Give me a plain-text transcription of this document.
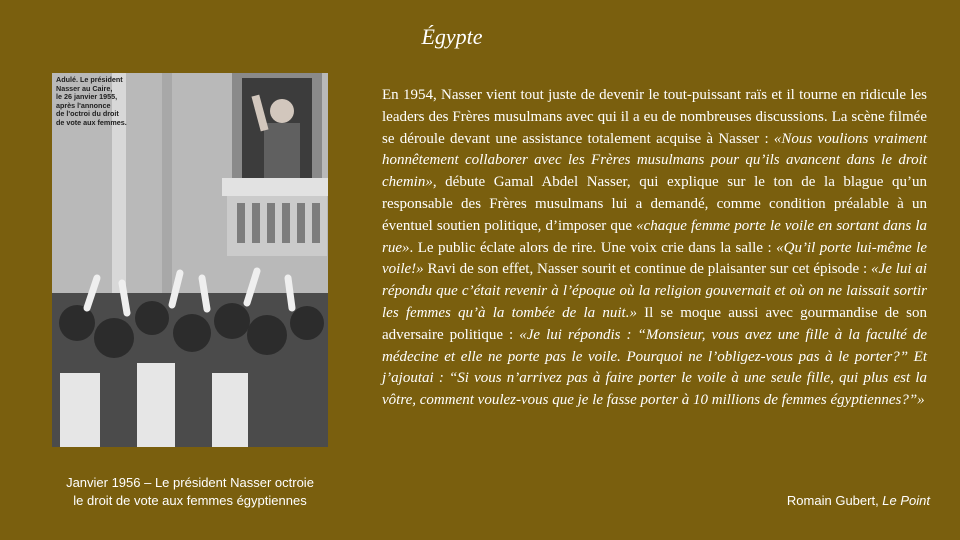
Égypte
Adulé. Le président
Nasser au Caire,
le 26 janvier 1955,
après l'annonce
de l'octroi du droit
de vote aux femmes.
Janvier 1956 – Le président Nasser octroie
le droit de vote aux femmes égyptiennes

En 1954, Nasser vient tout juste de devenir le tout-puissant raïs et il tourne en ridicule les leaders des Frères musulmans avec qui il a eu de nombreuses discussions. La scène filmée se déroule devant une assistance totalement acquise à Nasser : «Nous voulions vraiment honnêtement collaborer avec les Frères musulmans pour qu’ils avancent dans le droit chemin», débute Gamal Abdel Nasser, qui explique sur le ton de la blague qu’un responsable des Frères musulmans lui a demandé, comme condition préalable à un éventuel soutien politique, d’imposer que «chaque femme porte le voile en sortant dans la rue». Le public éclate alors de rire. Une voix crie dans la salle : «Qu’il porte lui-même le voile!» Ravi de son effet, Nasser sourit et continue de plaisanter sur cet épisode : «Je lui ai répondu que c’était revenir à l’époque où la religion gouvernait et où on ne laissait sortir les femmes qu’à la tombée de la nuit.» Il se moque aussi avec gourmandise de son adversaire politique : «Je lui répondis : “Monsieur, vous avez une fille à la faculté de médecine et elle ne porte pas le voile. Pourquoi ne l’obligez-vous pas à le porter?” Et j’ajoutai : “Si vous n’arrivez pas à faire porter le voile à une seule fille, qui plus est la vôtre, comment voulez-vous que je le fasse porter à 10 millions de femmes égyptiennes?”»

Romain Gubert, Le Point
